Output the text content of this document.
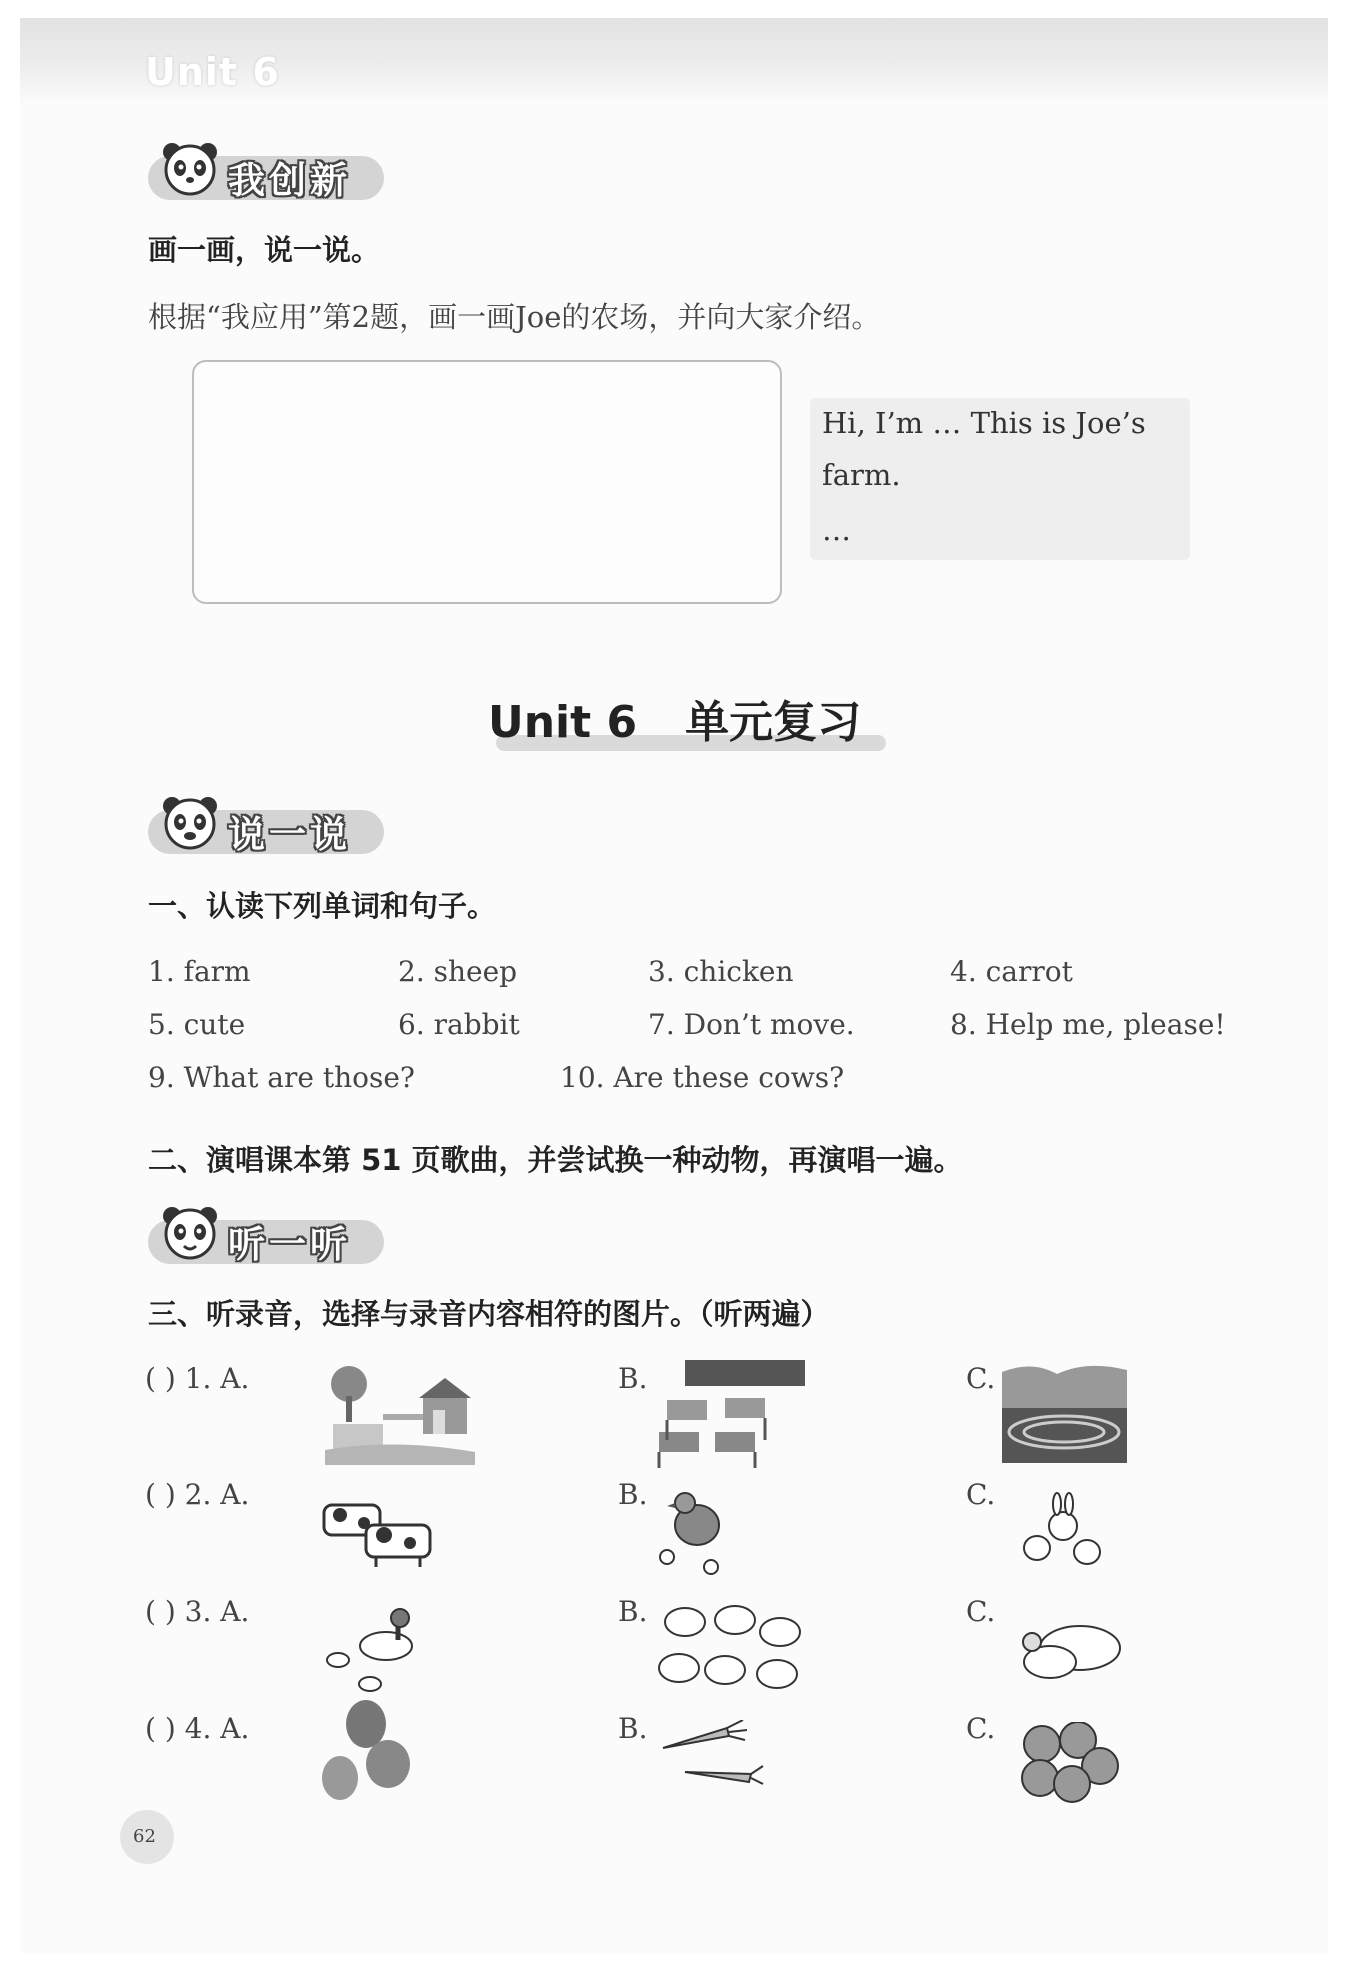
Unit 6
我创新
画一画，说一说。
根据“我应用”第2题，画一画Joe的农场，并向大家介绍。
Hi, I’m … This is Joe’s
farm.
…
Unit 6 单元复习
说一说
一、认读下列单词和句子。
1. farm	2. sheep	3. chicken	4. carrot
5. cute	6. rabbit	7. Don’t move.	8. Help me, please!
9. What are those?	10. Are these cows?
二、演唱课本第 51 页歌曲，并尝试换一种动物，再演唱一遍。
听一听
三、听录音，选择与录音内容相符的图片。（听两遍）
( ) 1. A.	B.	C.
( ) 2. A.	B.	C.
( ) 3. A.	B.	C.
( ) 4. A.	B.	C.
62
